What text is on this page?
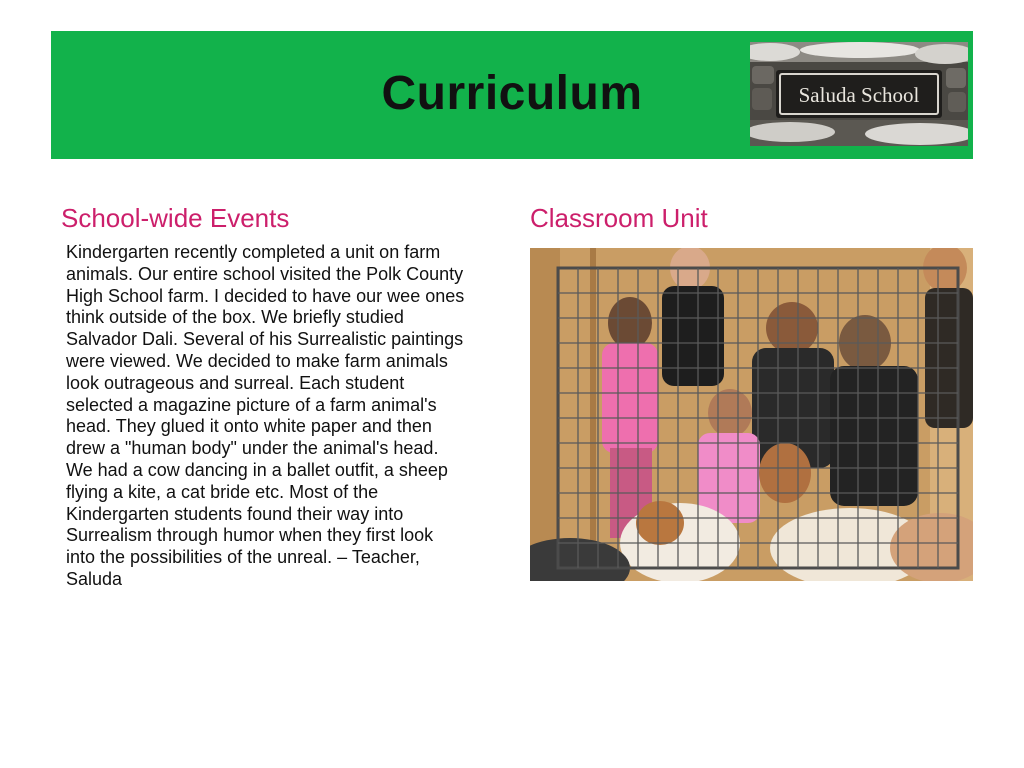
Curriculum	Saluda School
School-wide Events	Classroom Unit
Kindergarten recently completed a unit on farm animals. Our entire school visited the Polk County High School farm. I decided to have our wee ones think outside of the box. We briefly studied Salvador Dali. Several of his Surrealistic paintings were viewed. We decided to make farm animals look outrageous and surreal. Each student selected a magazine picture of a farm animal's head. They glued it onto white paper and then drew a "human body" under the animal's head. We had a cow dancing in a ballet outfit, a sheep flying a kite, a cat bride etc. Most of the Kindergarten students found their way into Surrealism through humor when they first look into the possibilities of the unreal. – Teacher, Saluda
